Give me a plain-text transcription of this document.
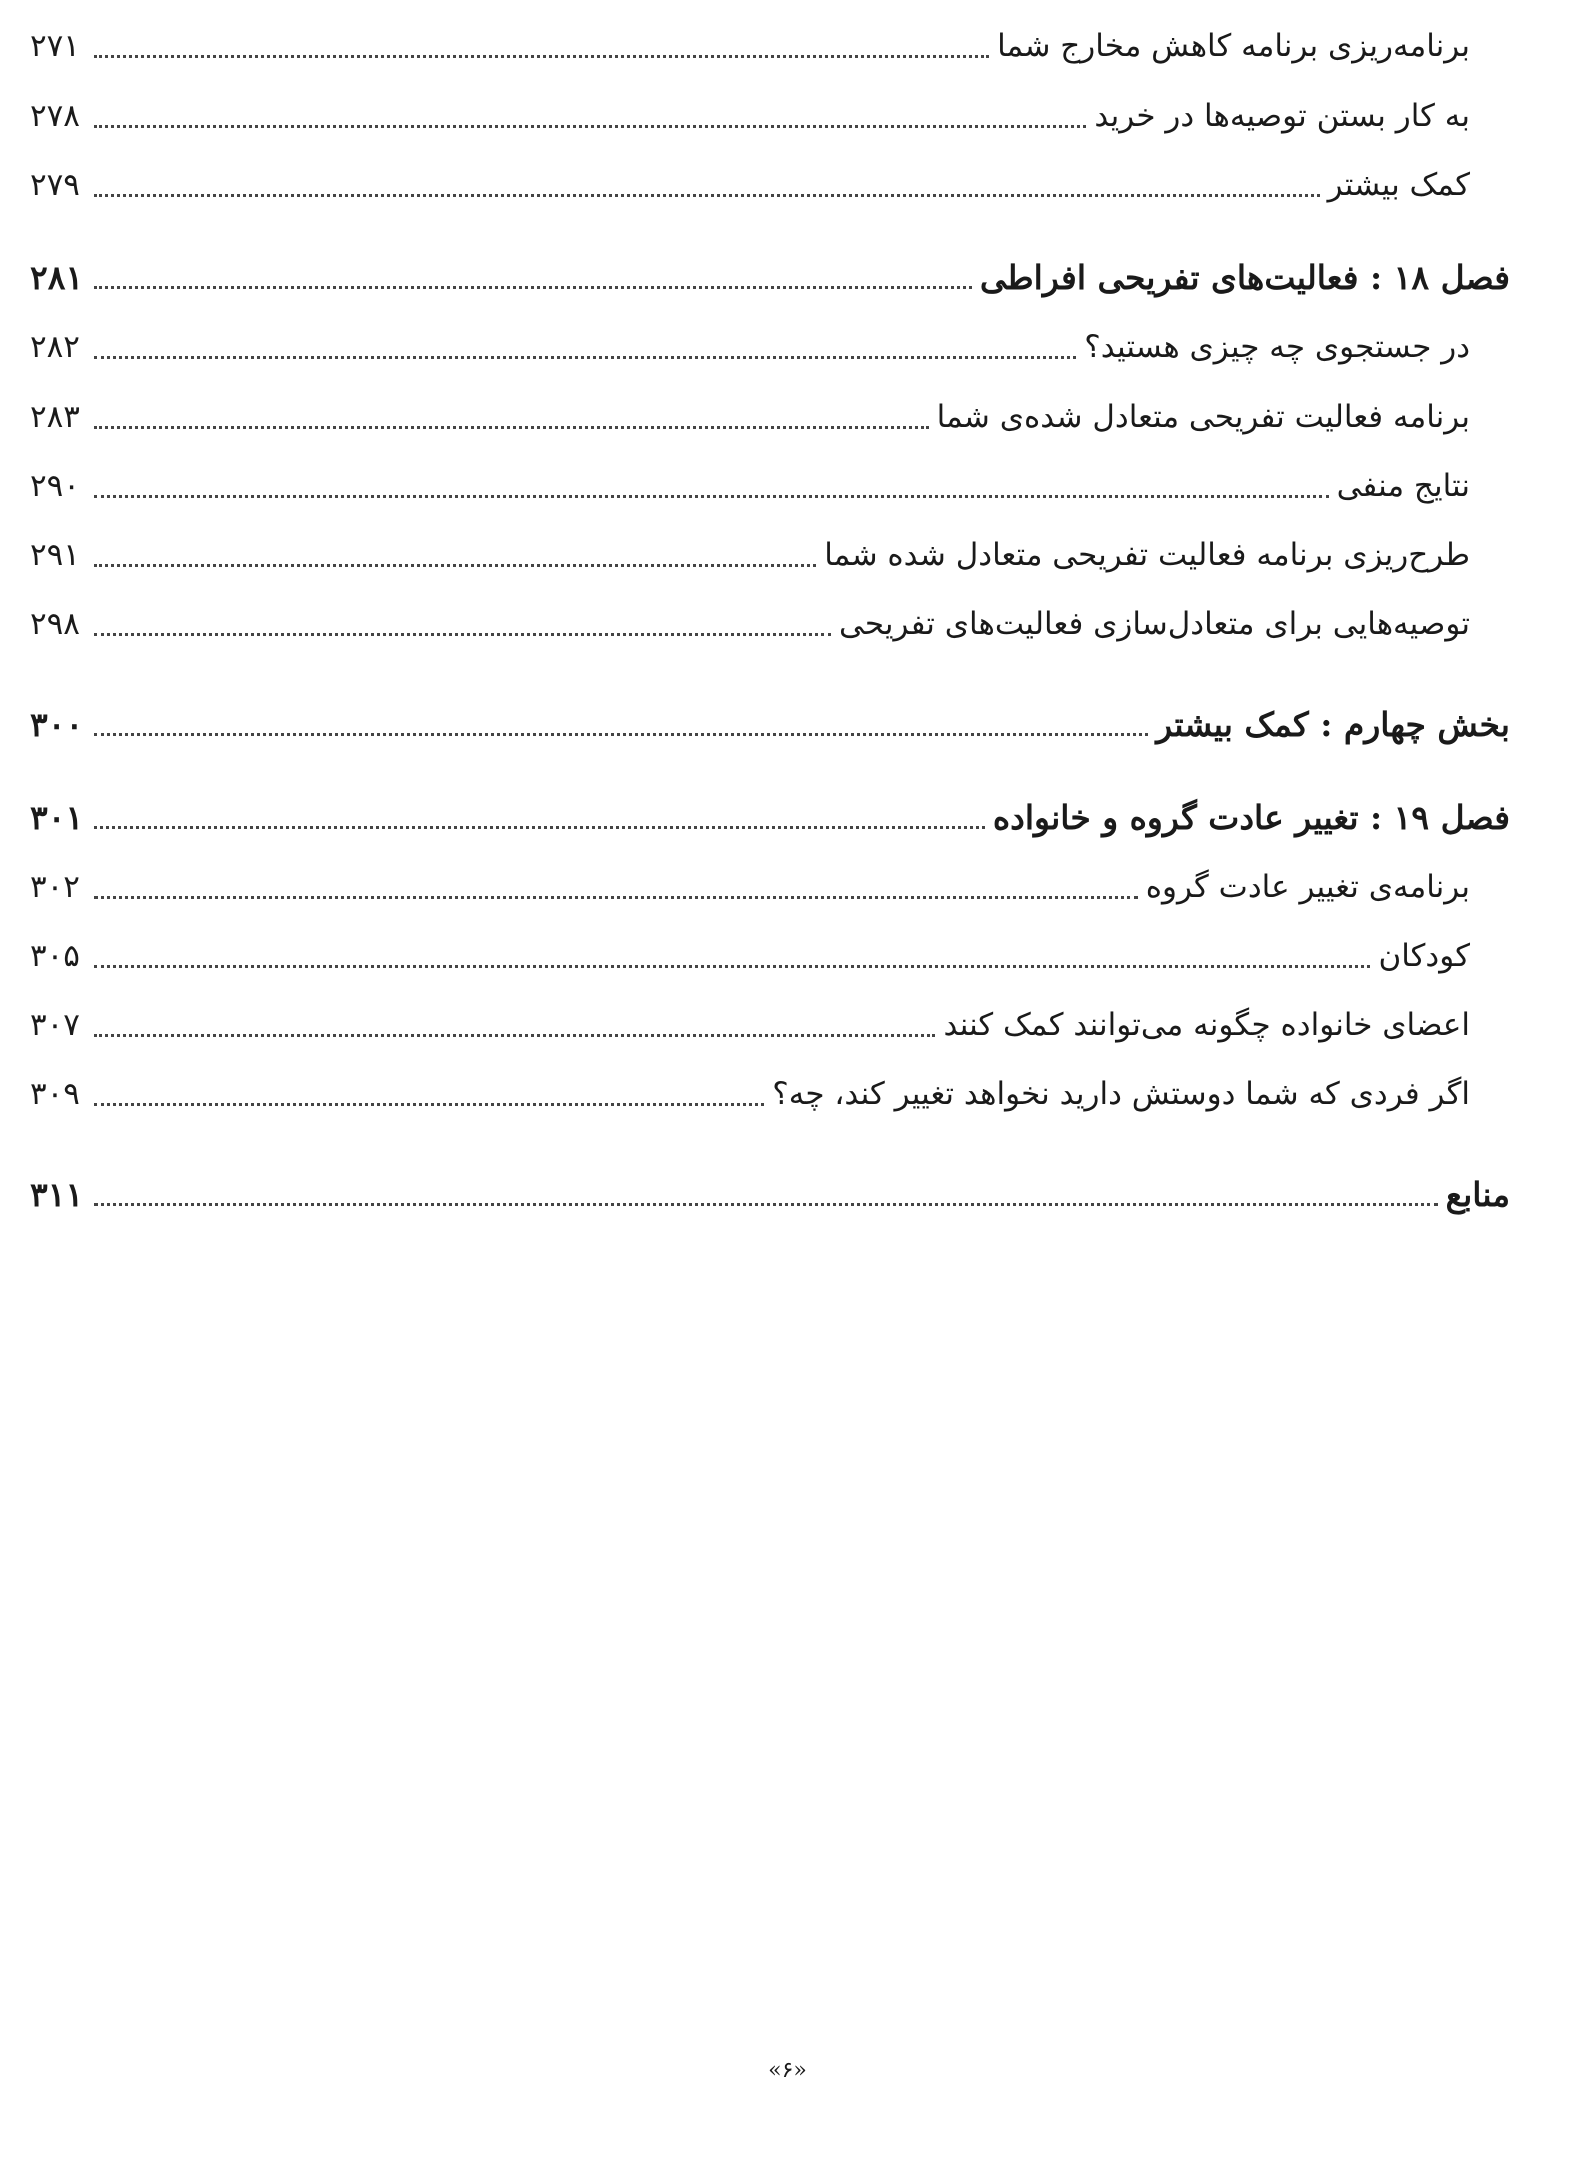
برنامه‌ریزی برنامه کاهش مخارج شما
۲۷۱
به کار بستن توصیه‌ها در خرید
۲۷۸
کمک بیشتر
۲۷۹
فصل ۱۸ : فعالیت‌های تفریحی افراطی
۲۸۱
در جستجوی چه چیزی هستید؟
۲۸۲
برنامه فعالیت تفریحی متعادل شده‌ی شما
۲۸۳
نتایج منفی
۲۹۰
طرح‌ریزی برنامه فعالیت تفریحی متعادل شده شما
۲۹۱
توصیه‌هایی برای متعادل‌سازی فعالیت‌های تفریحی
۲۹۸
بخش چهارم : کمک بیشتر
۳۰۰
فصل ۱۹ : تغییر عادت گروه و خانواده
۳۰۱
برنامه‌ی تغییر عادت گروه
۳۰۲
کودکان
۳۰۵
اعضای خانواده چگونه می‌توانند کمک کنند
۳۰۷
اگر فردی که شما دوستش دارید نخواهد تغییر کند، چه؟
۳۰۹
منابع
۳۱۱
«۶»
